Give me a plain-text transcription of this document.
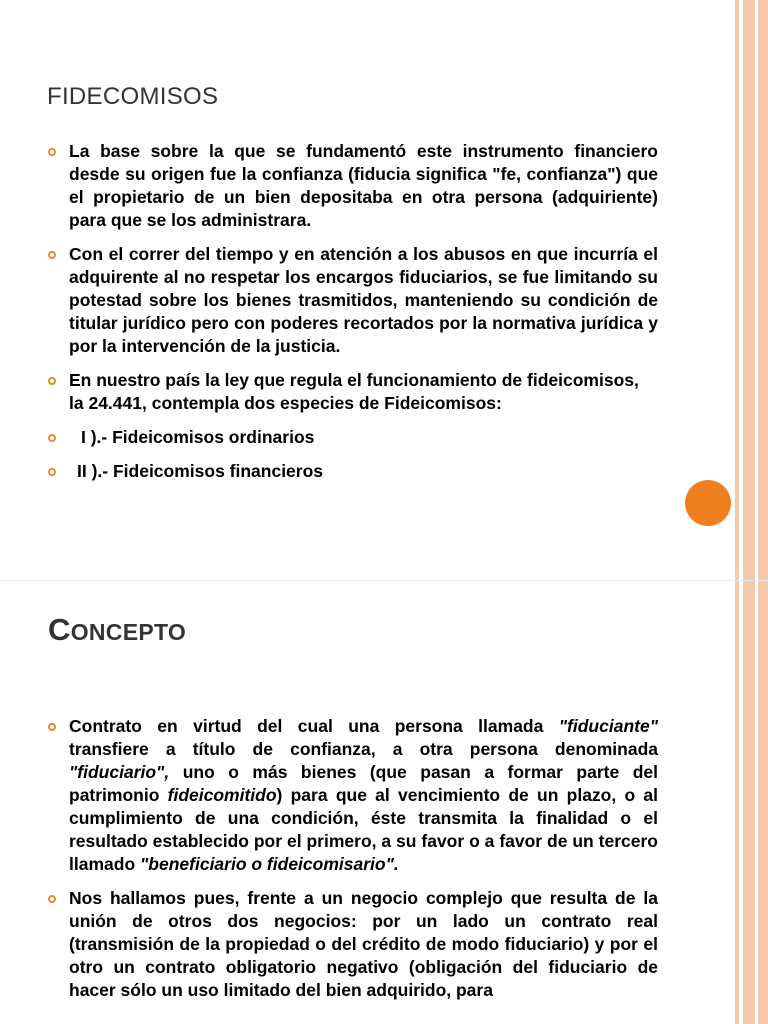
FIDECOMISOS
La base sobre la que se fundamentó este instrumento financiero desde su origen fue la confianza (fiducia significa "fe, confianza") que el propietario de un bien depositaba en otra persona (adquiriente) para que se los administrara.
Con el correr del tiempo y en atención a los abusos en que incurría el adquirente al no respetar los encargos fiduciarios, se fue limitando su potestad sobre los bienes trasmitidos, manteniendo su condición de titular jurídico pero con poderes recortados por la normativa jurídica y por la intervención de la justicia.
En nuestro país la ley que regula el funcionamiento de fideicomisos,
la 24.441, contempla dos especies de Fideicomisos:
I ).- Fideicomisos ordinarios
II ).- Fideicomisos financieros
CONCEPTO
Contrato en virtud del cual una persona llamada "fiduciante" transfiere a título de confianza, a otra persona denominada "fiduciario", uno o más bienes (que pasan a formar parte del patrimonio fideicomitido) para que al vencimiento de un plazo, o al cumplimiento de una condición, éste transmita la finalidad o el resultado establecido por el primero, a su favor o a favor de un tercero llamado "beneficiario o fideicomisario".
Nos hallamos pues, frente a un negocio complejo que resulta de la unión de otros dos negocios: por un lado un contrato real (transmisión de la propiedad o del crédito de modo fiduciario) y por el otro un contrato obligatorio negativo (obligación del fiduciario de hacer sólo un uso limitado del bien adquirido, para
